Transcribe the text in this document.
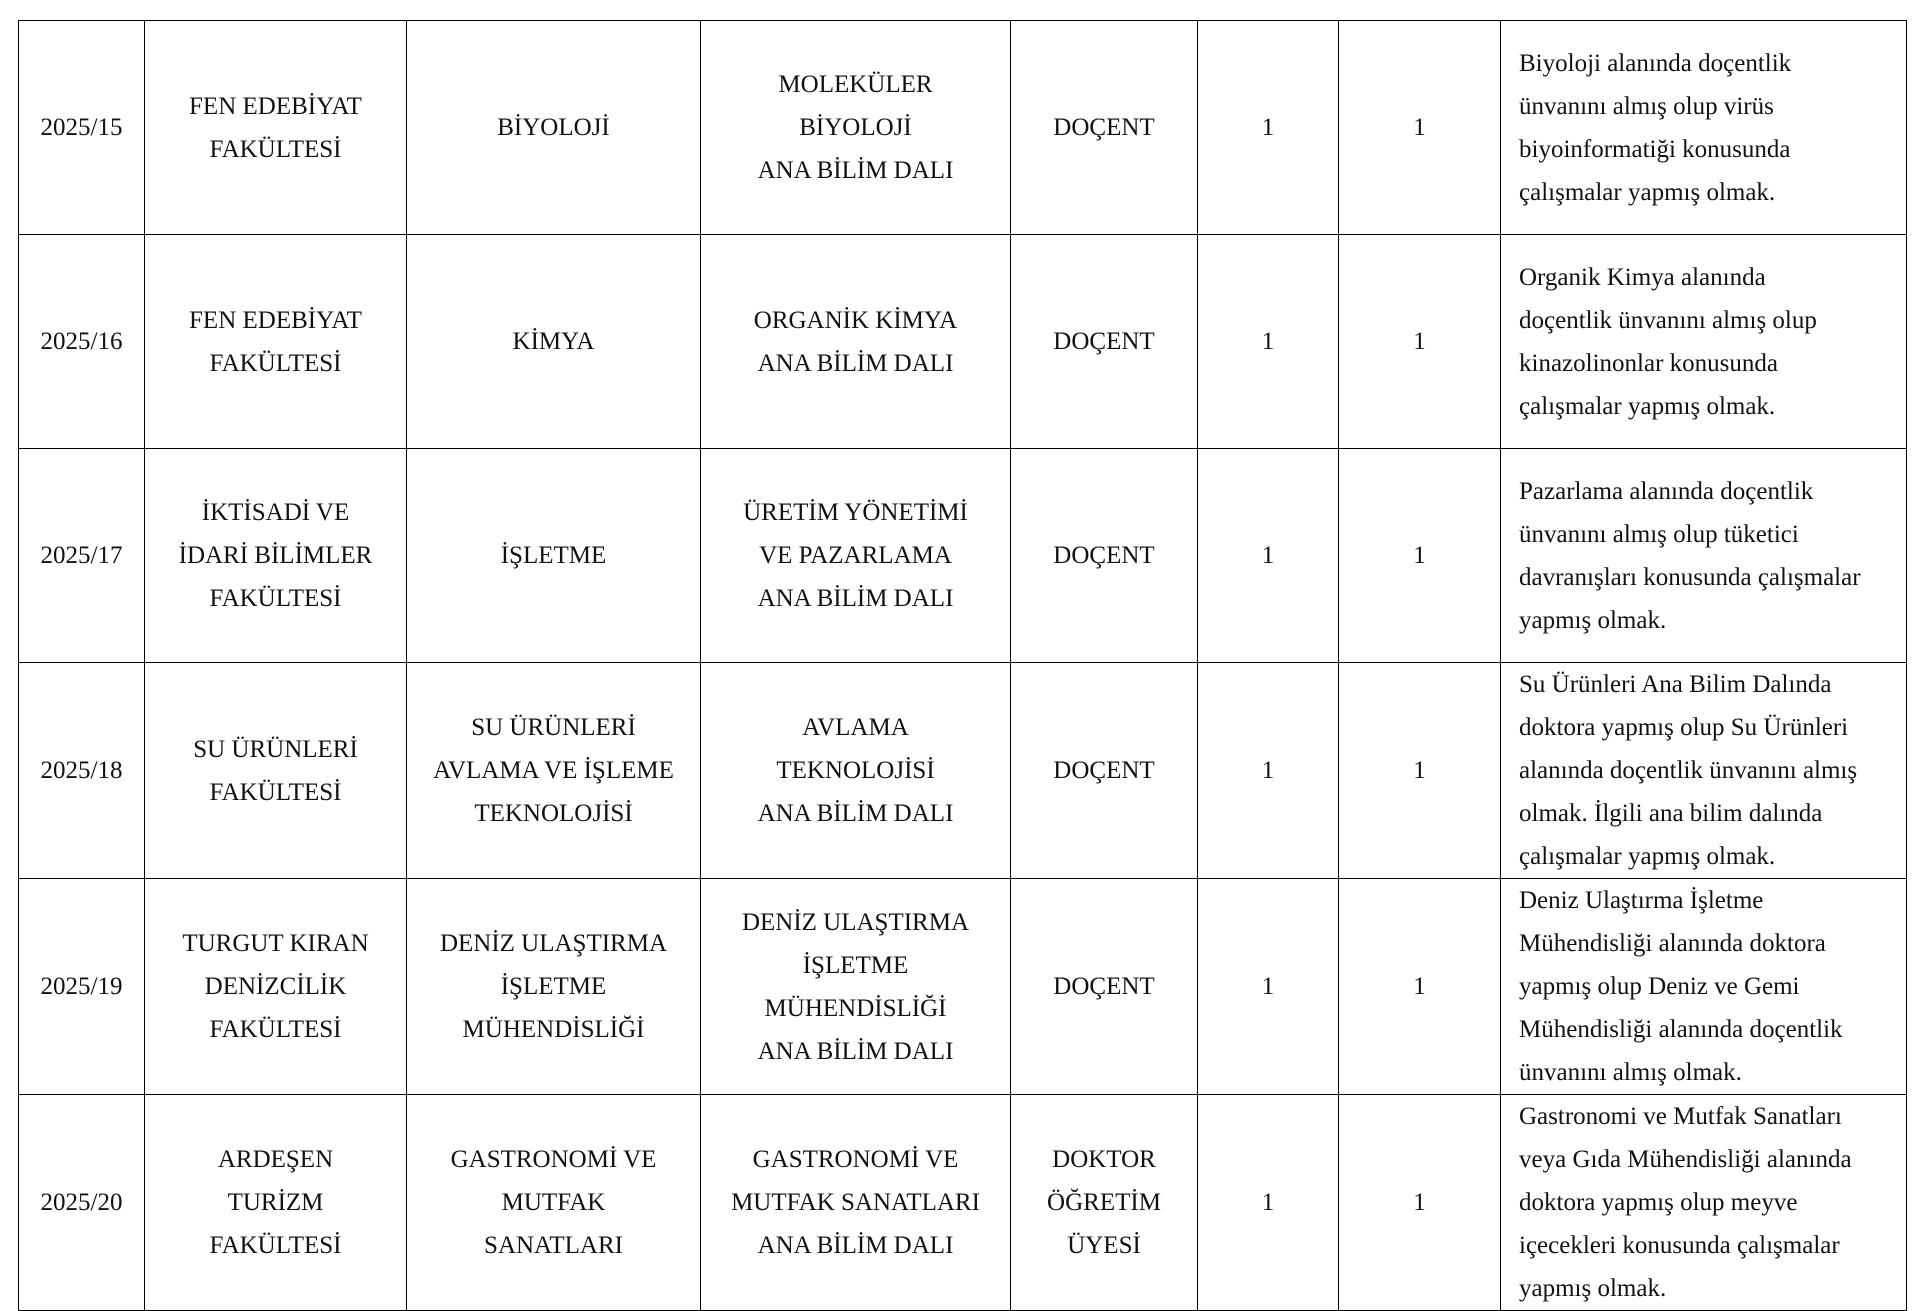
2025/15	FEN EDEBİYAT
FAKÜLTESİ	BİYOLOJİ	MOLEKÜLER
BİYOLOJİ
ANA BİLİM DALI	DOÇENT	1	1	Biyoloji alanında doçentlik
ünvanını almış olup virüs
biyoinformatiği konusunda
çalışmalar yapmış olmak.

2025/16	FEN EDEBİYAT
FAKÜLTESİ	KİMYA	ORGANİK KİMYA
ANA BİLİM DALI	DOÇENT	1	1	Organik Kimya alanında
doçentlik ünvanını almış olup
kinazolinonlar konusunda
çalışmalar yapmış olmak.

2025/17	İKTİSADİ VE
İDARİ BİLİMLER
FAKÜLTESİ	İŞLETME	ÜRETİM YÖNETİMİ
VE PAZARLAMA
ANA BİLİM DALI	DOÇENT	1	1	Pazarlama alanında doçentlik
ünvanını almış olup tüketici
davranışları konusunda çalışmalar
yapmış olmak.

2025/18	SU ÜRÜNLERİ
FAKÜLTESİ	SU ÜRÜNLERİ
AVLAMA VE İŞLEME
TEKNOLOJİSİ	AVLAMA
TEKNOLOJİSİ
ANA BİLİM DALI	DOÇENT	1	1	Su Ürünleri Ana Bilim Dalında
doktora yapmış olup Su Ürünleri
alanında doçentlik ünvanını almış
olmak. İlgili ana bilim dalında
çalışmalar yapmış olmak.

2025/19	TURGUT KIRAN
DENİZCİLİK
FAKÜLTESİ	DENİZ ULAŞTIRMA
İŞLETME
MÜHENDİSLİĞİ	DENİZ ULAŞTIRMA
İŞLETME
MÜHENDİSLİĞİ
ANA BİLİM DALI	DOÇENT	1	1	Deniz Ulaştırma İşletme
Mühendisliği alanında doktora
yapmış olup Deniz ve Gemi
Mühendisliği alanında doçentlik
ünvanını almış olmak.

2025/20	ARDEŞEN
TURİZM
FAKÜLTESİ	GASTRONOMİ VE
MUTFAK
SANATLARI	GASTRONOMİ VE
MUTFAK SANATLARI
ANA BİLİM DALI	DOKTOR
ÖĞRETİM
ÜYESİ	1	1	Gastronomi ve Mutfak Sanatları
veya Gıda Mühendisliği alanında
doktora yapmış olup meyve
içecekleri konusunda çalışmalar
yapmış olmak.
